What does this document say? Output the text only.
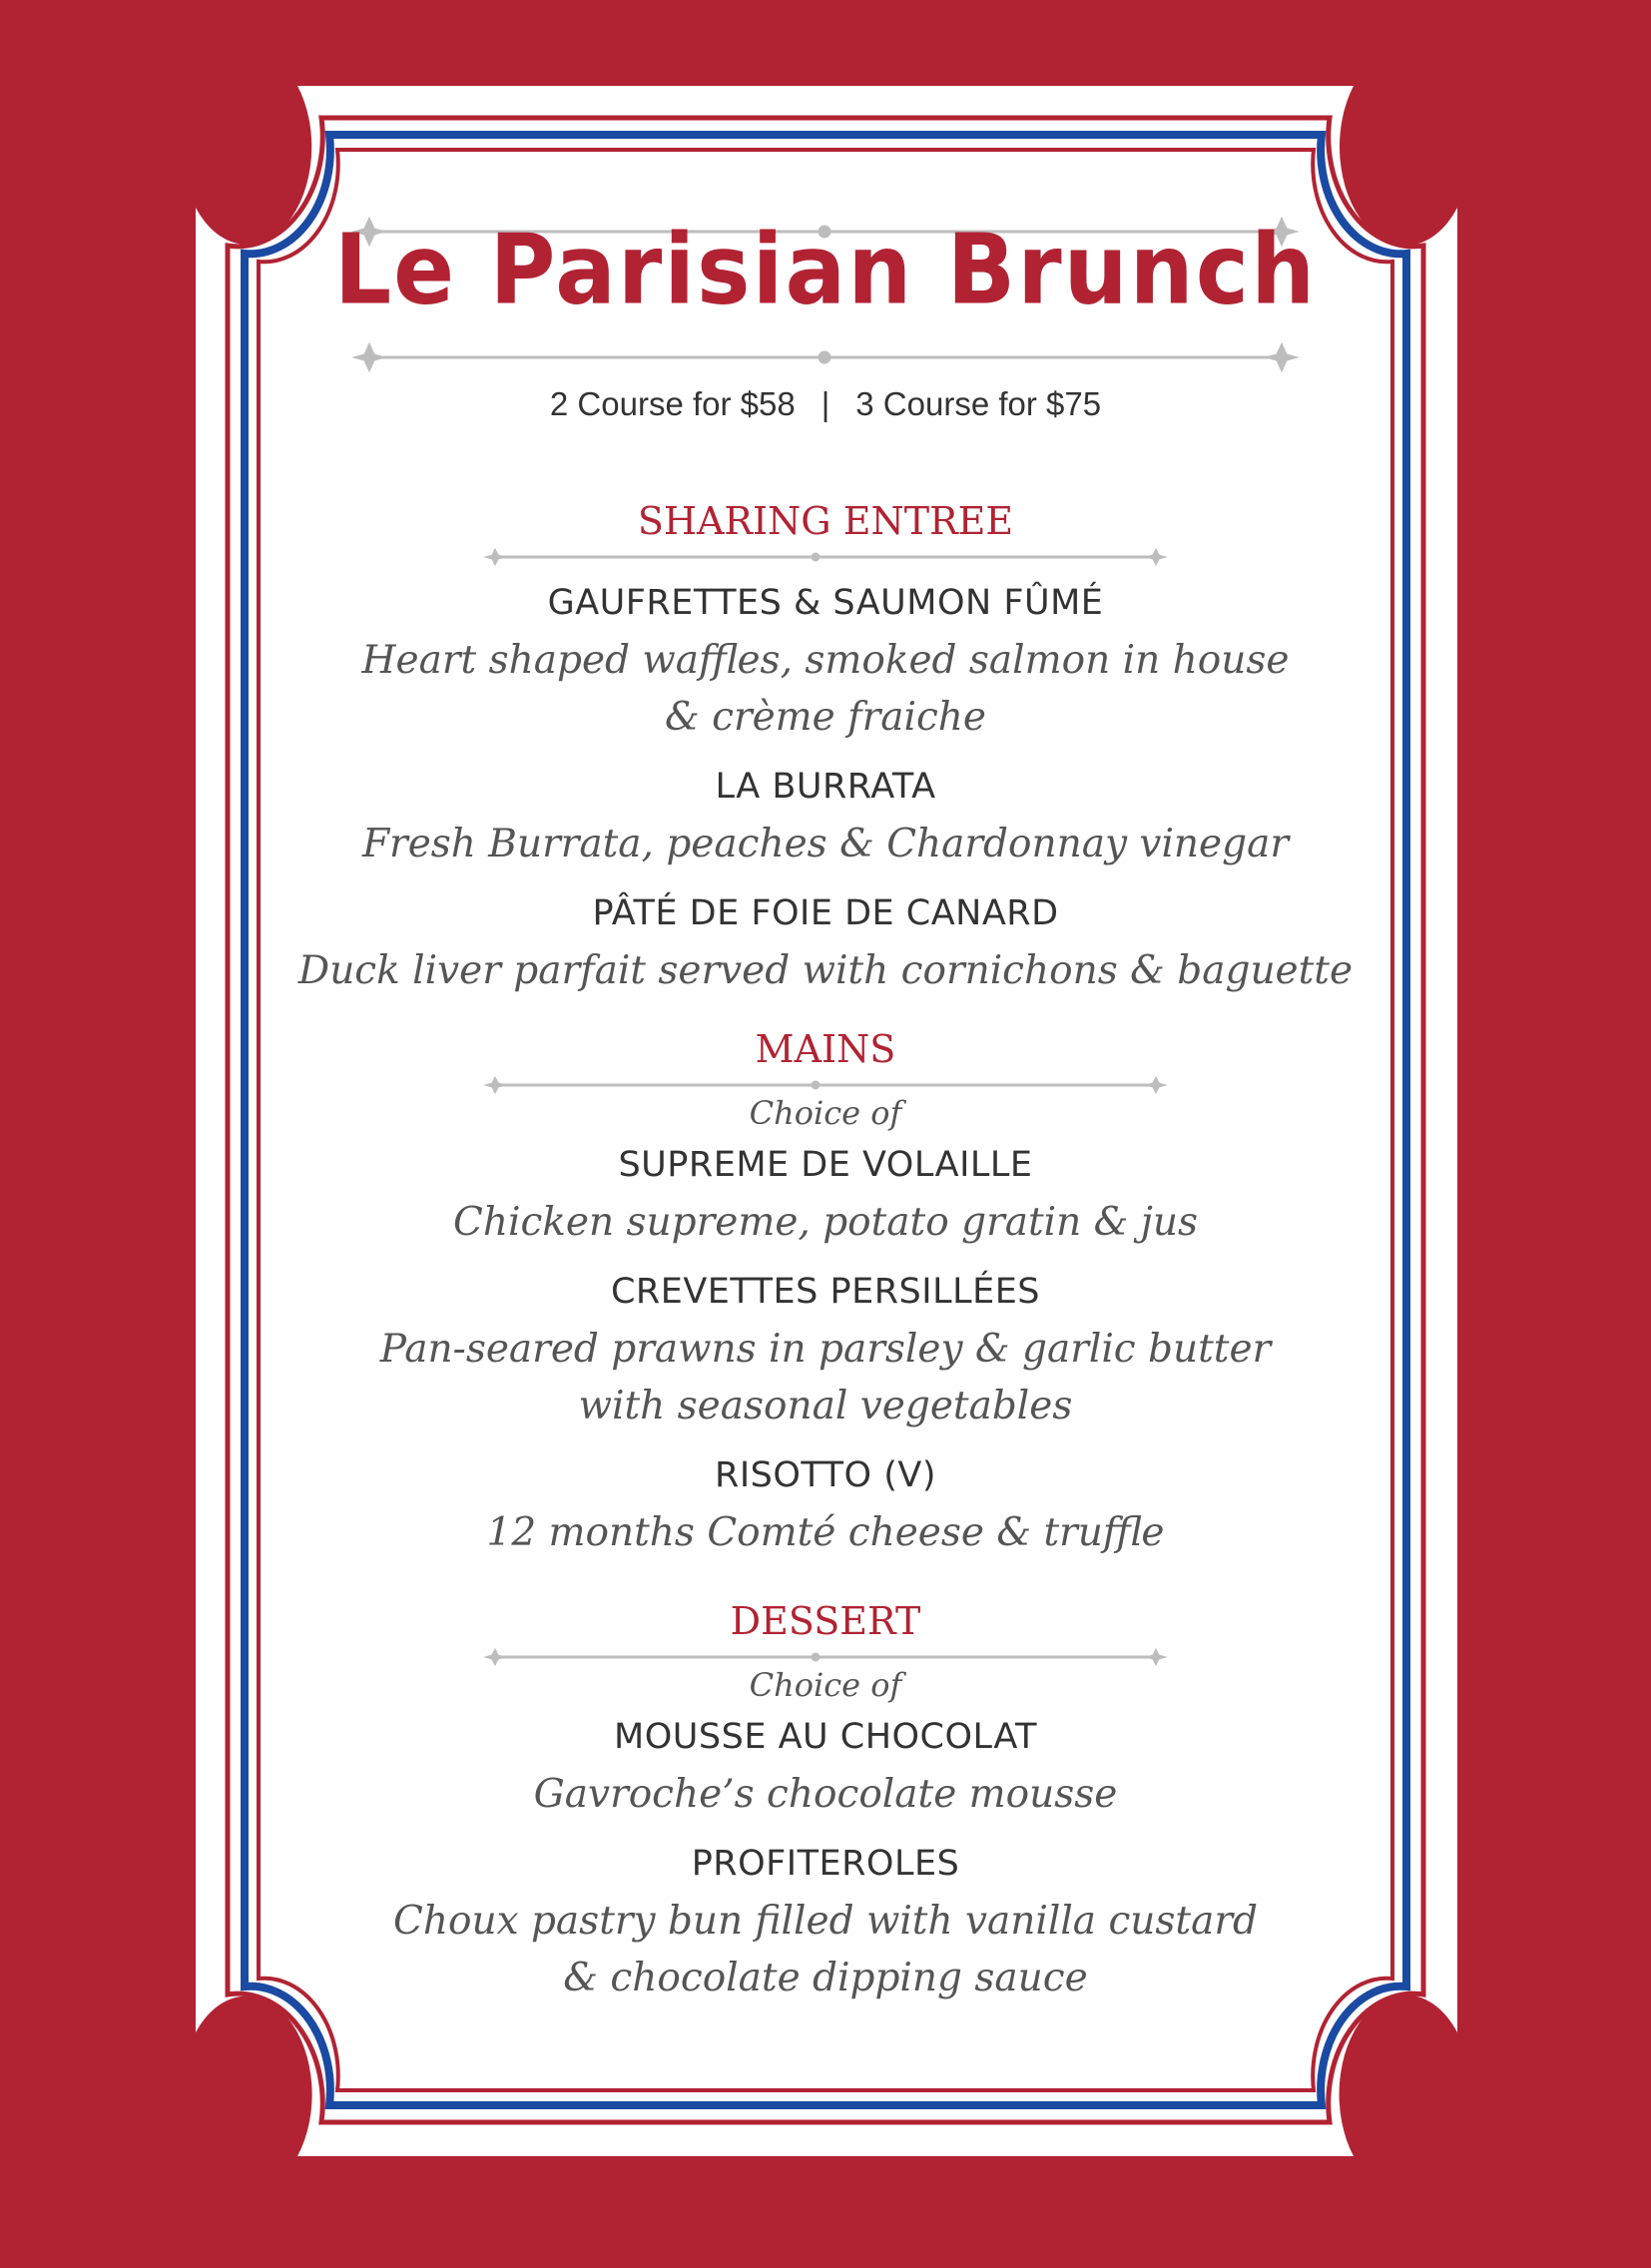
Le Parisian Brunch
2 Course for $58 | 3 Course for $75
SHARING ENTREE
GAUFRETTES & SAUMON FÛMÉ
Heart shaped waffles, smoked salmon in house
& crème fraiche
LA BURRATA
Fresh Burrata, peaches & Chardonnay vinegar
PÂTÉ DE FOIE DE CANARD
Duck liver parfait served with cornichons & baguette
MAINS
Choice of
SUPREME DE VOLAILLE
Chicken supreme, potato gratin & jus
CREVETTES PERSILLÉES
Pan-seared prawns in parsley & garlic butter
with seasonal vegetables
RISOTTO (V)
12 months Comté cheese & truffle
DESSERT
Choice of
MOUSSE AU CHOCOLAT
Gavroche’s chocolate mousse
PROFITEROLES
Choux pastry bun filled with vanilla custard
& chocolate dipping sauce
